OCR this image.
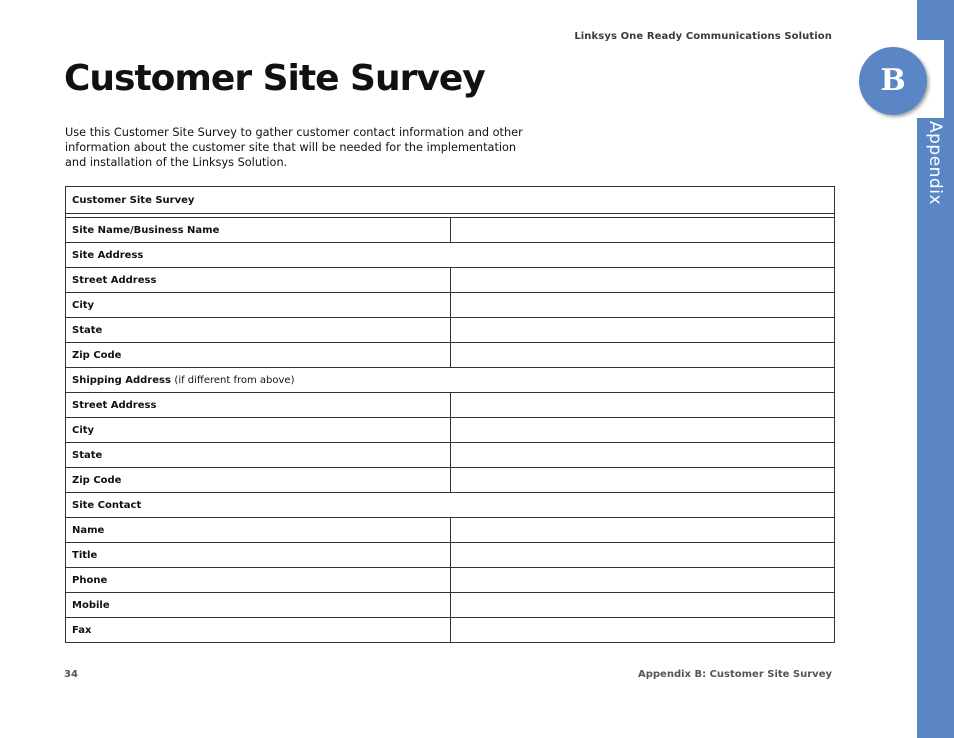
Linksys One Ready Communications Solution
Customer Site Survey

Use this Customer Site Survey to gather customer contact information and other information about the customer site that will be needed for the implementation and installation of the Linksys Solution.

Customer Site Survey	

Site Name/Business Name	
Site Address	
Street Address	
City	
State	
Zip Code	
Shipping Address (if different from above)	
Street Address	
City	
State	
Zip Code	
Site Contact	
Name	
Title	
Phone	
Mobile	
Fax	
34	Appendix B: Customer Site Survey
B
Appendix
